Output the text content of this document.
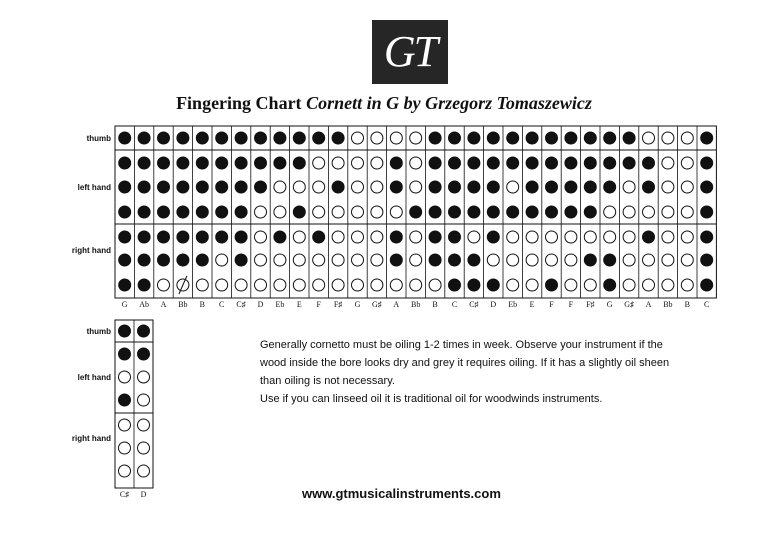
GT
Fingering Chart Cornett in G by Grzegorz Tomaszewicz
G Ab A Bb B C C♯ D Eb E F F♯ G G♯ A Bb B C C♯ D Eb E F F F♯ G G♯ A Bb B C
thumb
left hand
right hand
C♯ D
thumb
left hand
right hand

Generally cornetto must be oiling 1-2 times in week. Observe your instrument if the

wood inside the bore looks dry and grey it requires oiling. If it has a slightly oil sheen

than oiling is not necessary.

Use if you can linseed oil it is traditional oil for woodwinds instruments.

www.gtmusicalinstruments.com
